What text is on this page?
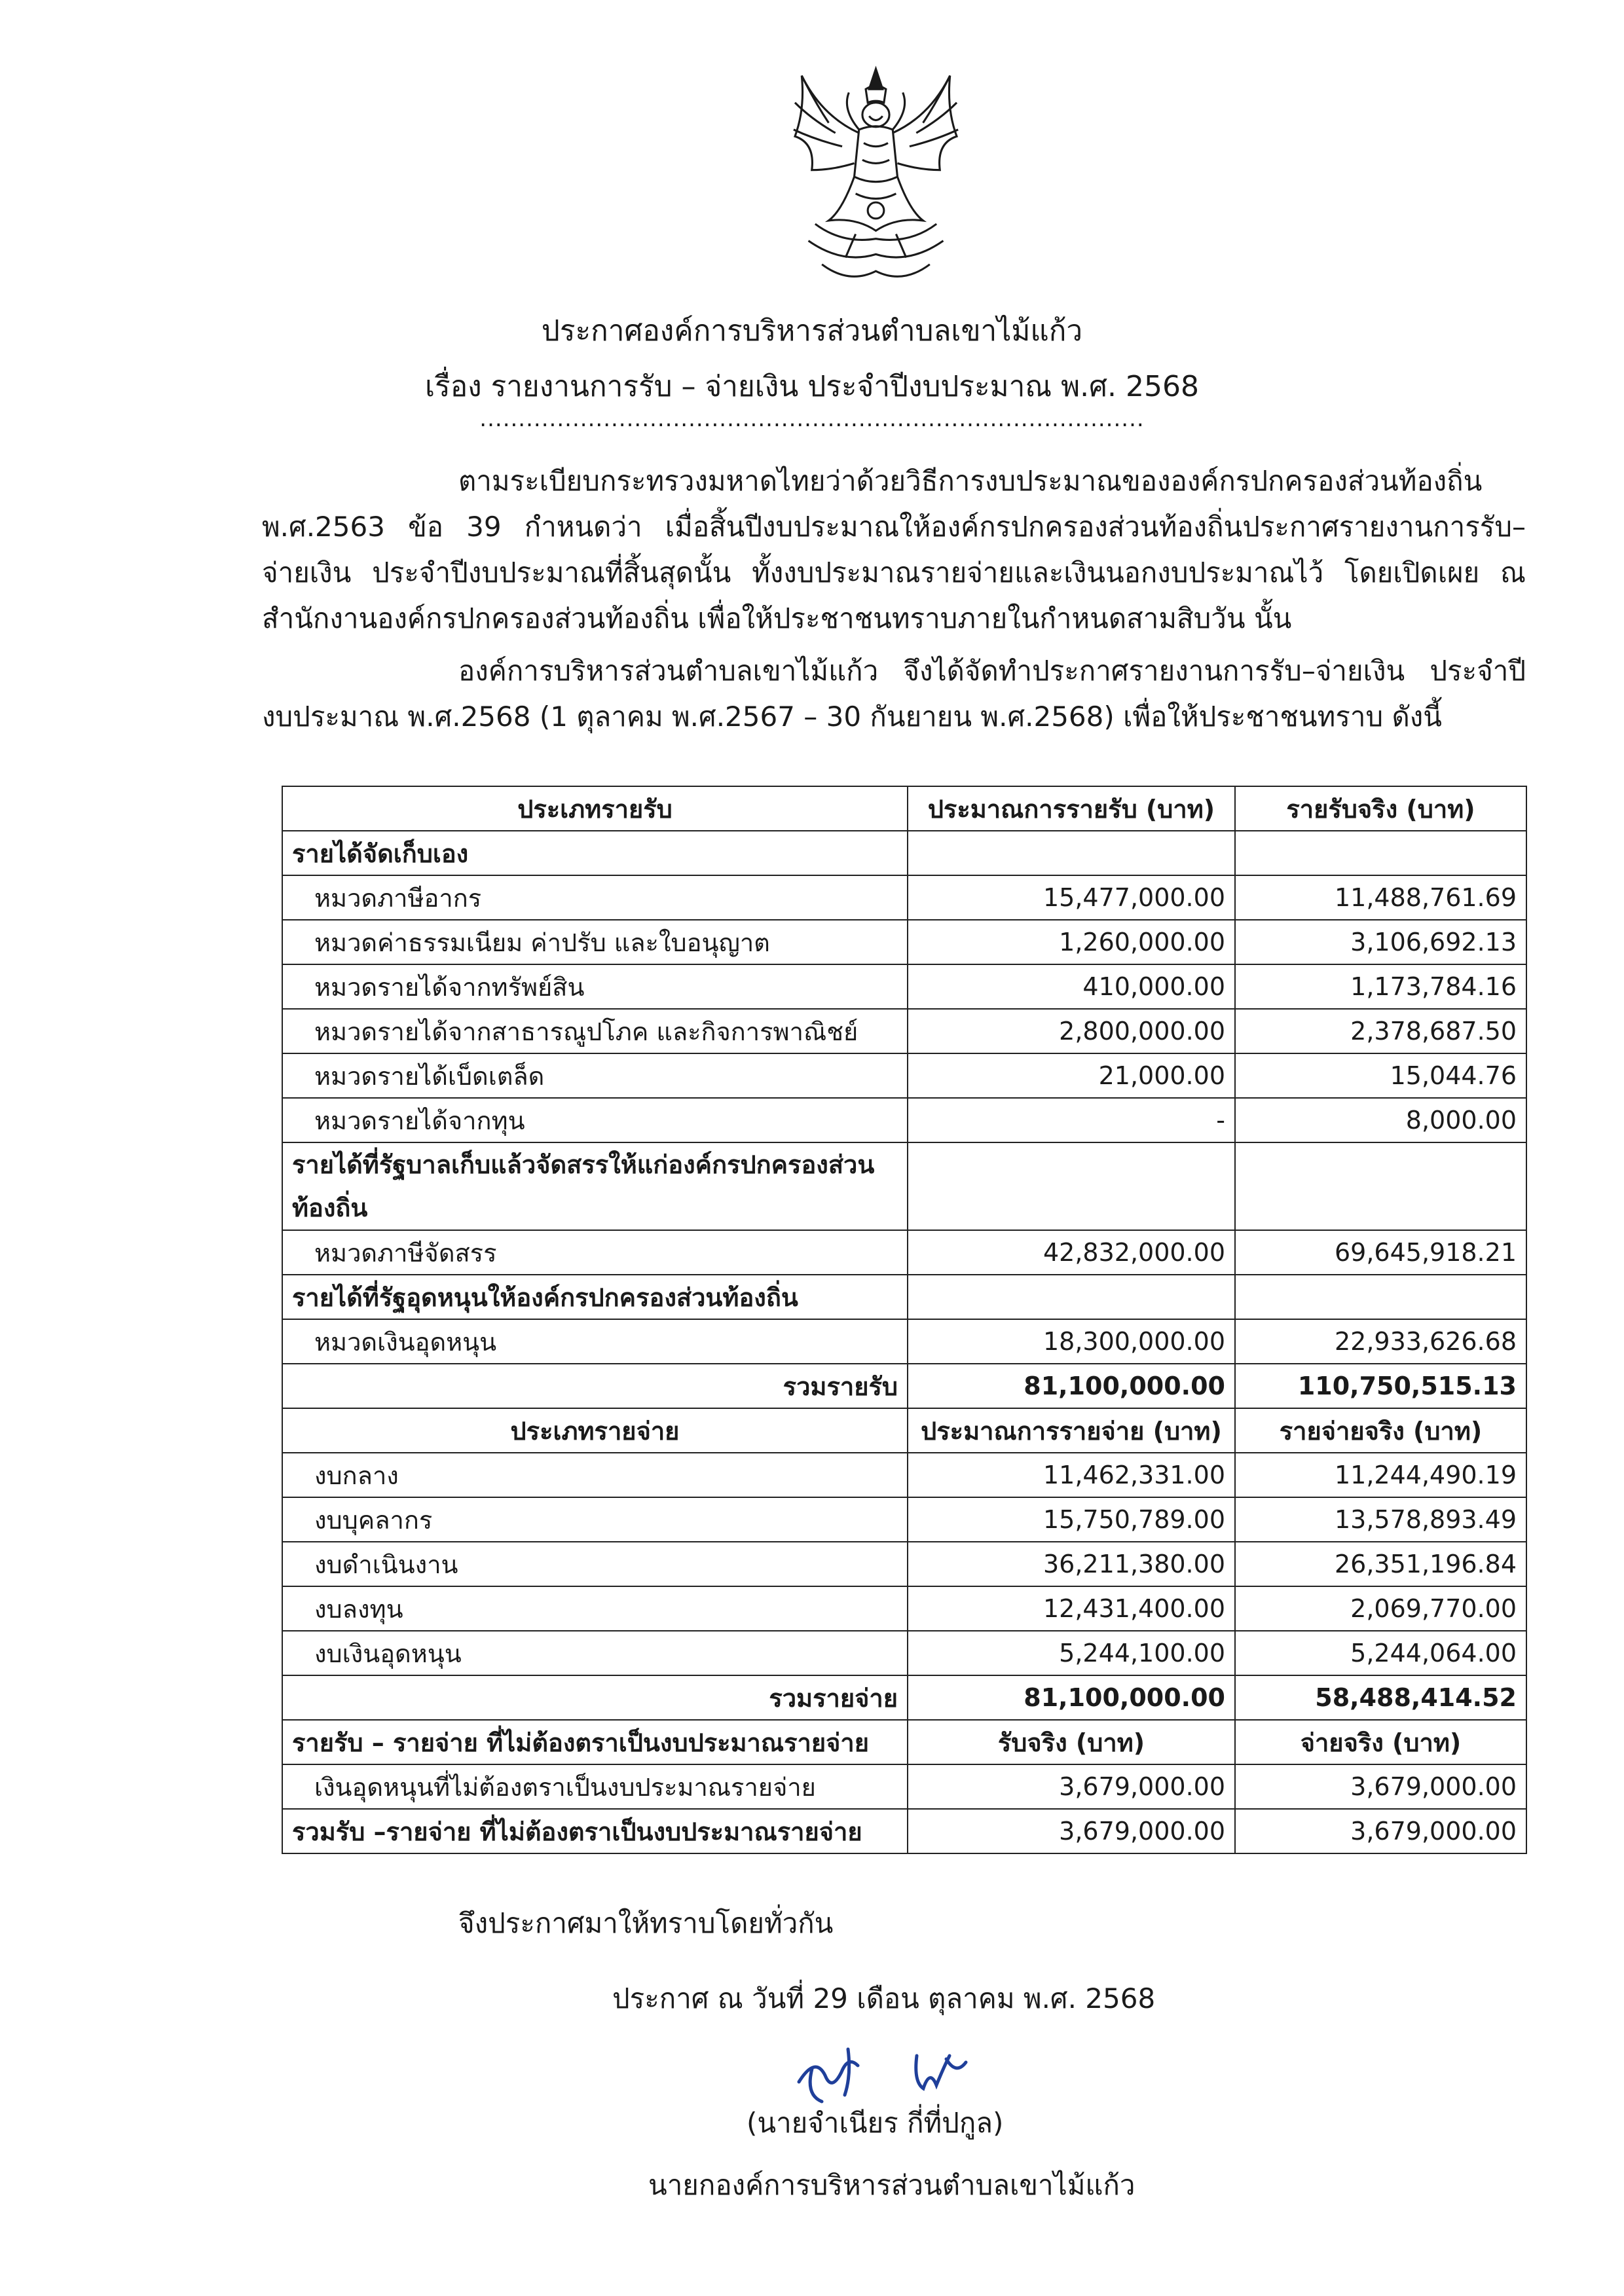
ประกาศองค์การบริหารส่วนตำบลเขาไม้แก้ว
เรื่อง รายงานการรับ – จ่ายเงิน ประจำปีงบประมาณ พ.ศ. 2568
......................................................................................
ตามระเบียบกระทรวงมหาดไทยว่าด้วยวิธีการงบประมาณขององค์กรปกครองส่วนท้องถิ่น
พ.ศ.2563 ข้อ 39 กำหนดว่า เมื่อสิ้นปีงบประมาณให้องค์กรปกครองส่วนท้องถิ่นประกาศรายงานการรับ–
จ่ายเงิน ประจำปีงบประมาณที่สิ้นสุดนั้น ทั้งงบประมาณรายจ่ายและเงินนอกงบประมาณไว้ โดยเปิดเผย ณ
สำนักงานองค์กรปกครองส่วนท้องถิ่น เพื่อให้ประชาชนทราบภายในกำหนดสามสิบวัน นั้น
องค์การบริหารส่วนตำบลเขาไม้แก้ว จึงได้จัดทำประกาศรายงานการรับ–จ่ายเงิน ประจำปี
งบประมาณ พ.ศ.2568 (1 ตุลาคม พ.ศ.2567 – 30 กันยายน พ.ศ.2568) เพื่อให้ประชาชนทราบ ดังนี้
ประเภทรายรับ	ประมาณการรายรับ (บาท)	รายรับจริง (บาท)
รายได้จัดเก็บเอง		
หมวดภาษีอากร	15,477,000.00	11,488,761.69
หมวดค่าธรรมเนียม ค่าปรับ และใบอนุญาต	1,260,000.00	3,106,692.13
หมวดรายได้จากทรัพย์สิน	410,000.00	1,173,784.16
หมวดรายได้จากสาธารณูปโภค และกิจการพาณิชย์	2,800,000.00	2,378,687.50
หมวดรายได้เบ็ดเตล็ด	21,000.00	15,044.76
หมวดรายได้จากทุน	-	8,000.00

รายได้ที่รัฐบาลเก็บแล้วจัดสรรให้แก่องค์กรปกครองส่วน
ท้องถิ่น		

หมวดภาษีจัดสรร	42,832,000.00	69,645,918.21
รายได้ที่รัฐอุดหนุนให้องค์กรปกครองส่วนท้องถิ่น		
หมวดเงินอุดหนุน	18,300,000.00	22,933,626.68
รวมรายรับ	81,100,000.00	110,750,515.13
ประเภทรายจ่าย	ประมาณการรายจ่าย (บาท)	รายจ่ายจริง (บาท)
งบกลาง	11,462,331.00	11,244,490.19
งบบุคลากร	15,750,789.00	13,578,893.49
งบดำเนินงาน	36,211,380.00	26,351,196.84
งบลงทุน	12,431,400.00	2,069,770.00
งบเงินอุดหนุน	5,244,100.00	5,244,064.00
รวมรายจ่าย	81,100,000.00	58,488,414.52
รายรับ – รายจ่าย ที่ไม่ต้องตราเป็นงบประมาณรายจ่าย	รับจริง (บาท)	จ่ายจริง (บาท)
เงินอุดหนุนที่ไม่ต้องตราเป็นงบประมาณรายจ่าย	3,679,000.00	3,679,000.00
รวมรับ –รายจ่าย ที่ไม่ต้องตราเป็นงบประมาณรายจ่าย	3,679,000.00	3,679,000.00
จึงประกาศมาให้ทราบโดยทั่วกัน
ประกาศ ณ วันที่ 29 เดือน ตุลาคม พ.ศ. 2568
(นายจำเนียร กี่ที่ปกูล)
นายกองค์การบริหารส่วนตำบลเขาไม้แก้ว
